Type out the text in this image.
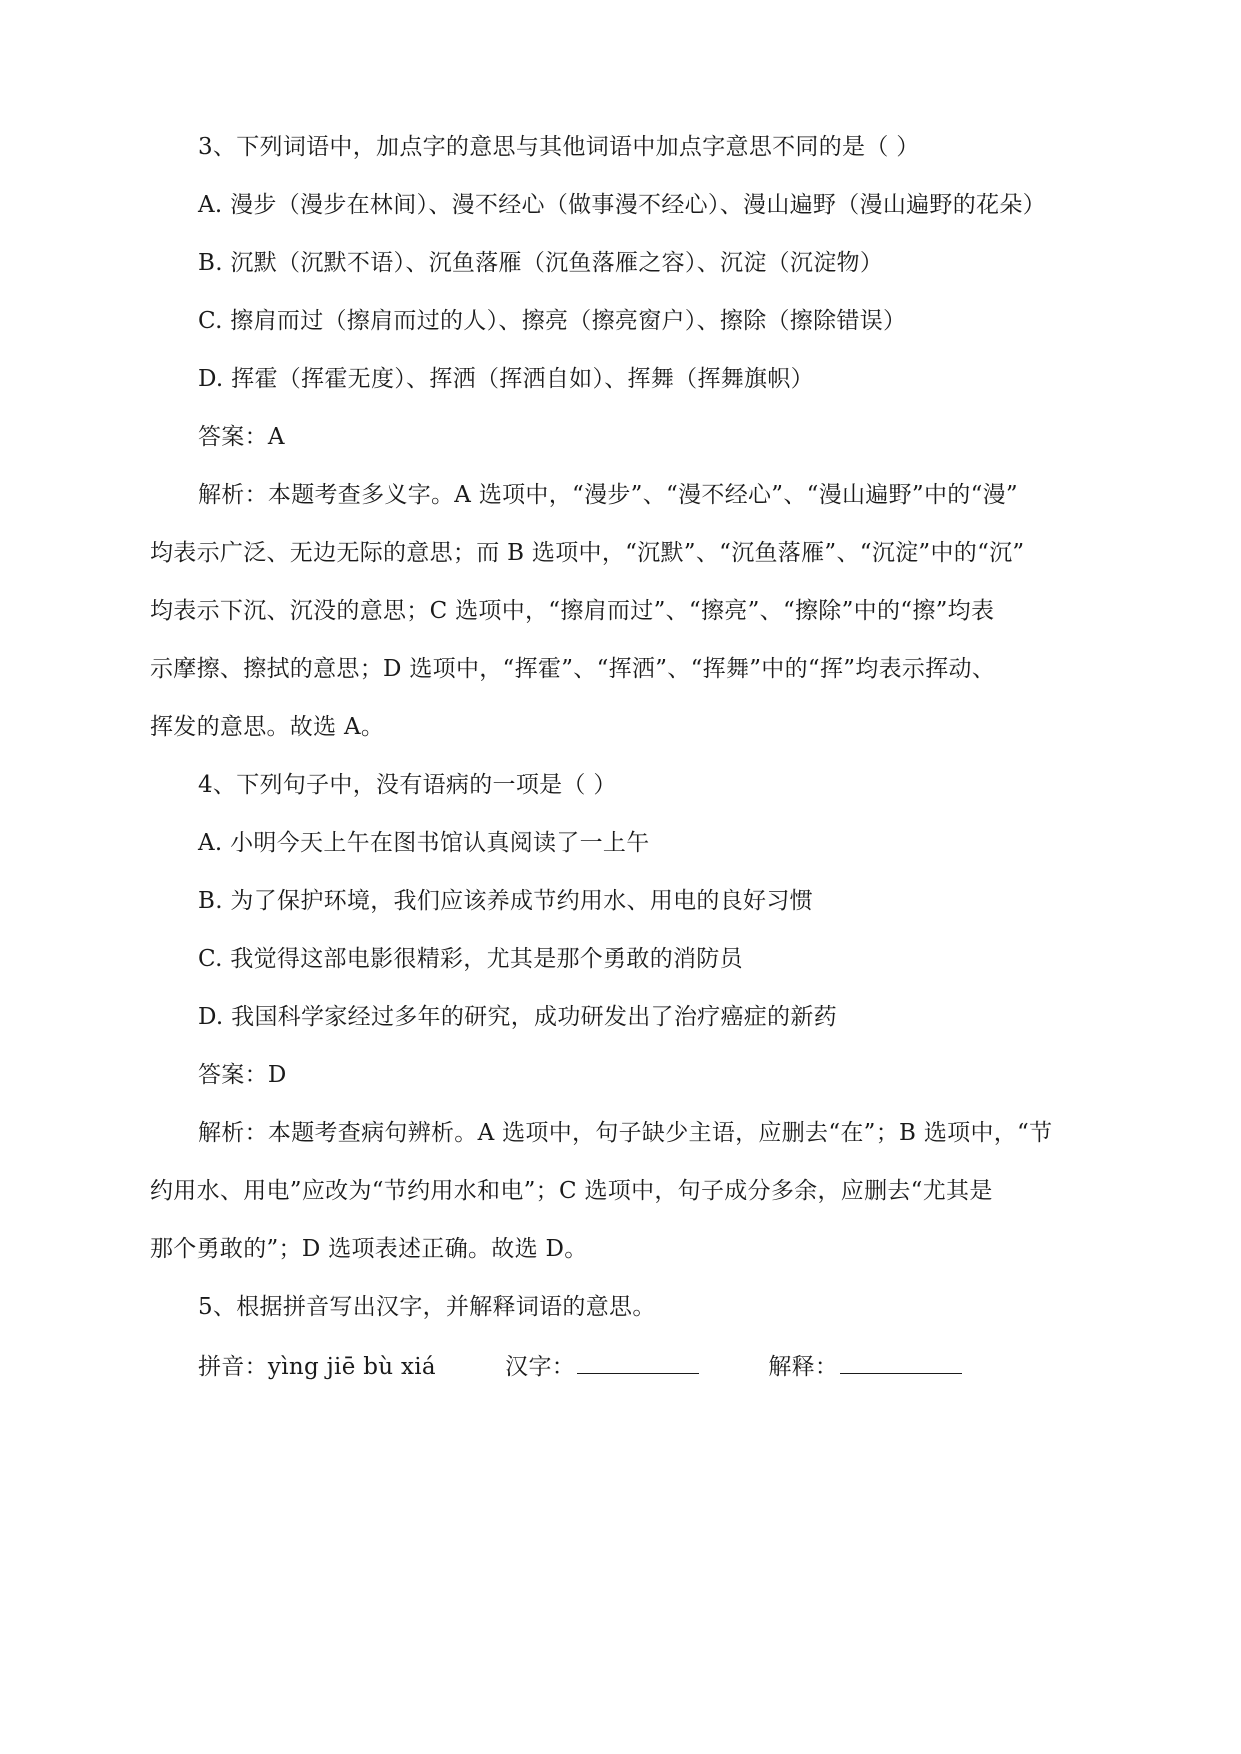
3、下列词语中，加点字的意思与其他词语中加点字意思不同的是（ ）
A. 漫步（漫步在林间）、漫不经心（做事漫不经心）、漫山遍野（漫山遍野的花朵）
B. 沉默（沉默不语）、沉鱼落雁（沉鱼落雁之容）、沉淀（沉淀物）
C. 擦肩而过（擦肩而过的人）、擦亮（擦亮窗户）、擦除（擦除错误）
D. 挥霍（挥霍无度）、挥洒（挥洒自如）、挥舞（挥舞旗帜）
答案：A
解析：本题考查多义字。A 选项中，“漫步”、“漫不经心”、“漫山遍野”中的“漫”
均表示广泛、无边无际的意思；而 B 选项中，“沉默”、“沉鱼落雁”、“沉淀”中的“沉”
均表示下沉、沉没的意思；C 选项中，“擦肩而过”、“擦亮”、“擦除”中的“擦”均表
示摩擦、擦拭的意思；D 选项中，“挥霍”、“挥洒”、“挥舞”中的“挥”均表示挥动、
挥发的意思。故选 A。
4、下列句子中，没有语病的一项是（ ）
A. 小明今天上午在图书馆认真阅读了一上午
B. 为了保护环境，我们应该养成节约用水、用电的良好习惯
C. 我觉得这部电影很精彩，尤其是那个勇敢的消防员
D. 我国科学家经过多年的研究，成功研发出了治疗癌症的新药
答案：D
解析：本题考查病句辨析。A 选项中，句子缺少主语，应删去“在”；B 选项中，“节
约用水、用电”应改为“节约用水和电”；C 选项中，句子成分多余，应删去“尤其是
那个勇敢的”；D 选项表述正确。故选 D。
5、根据拼音写出汉字，并解释词语的意思。
拼音：yìng jiē bù xiá	汉字：	解释：
